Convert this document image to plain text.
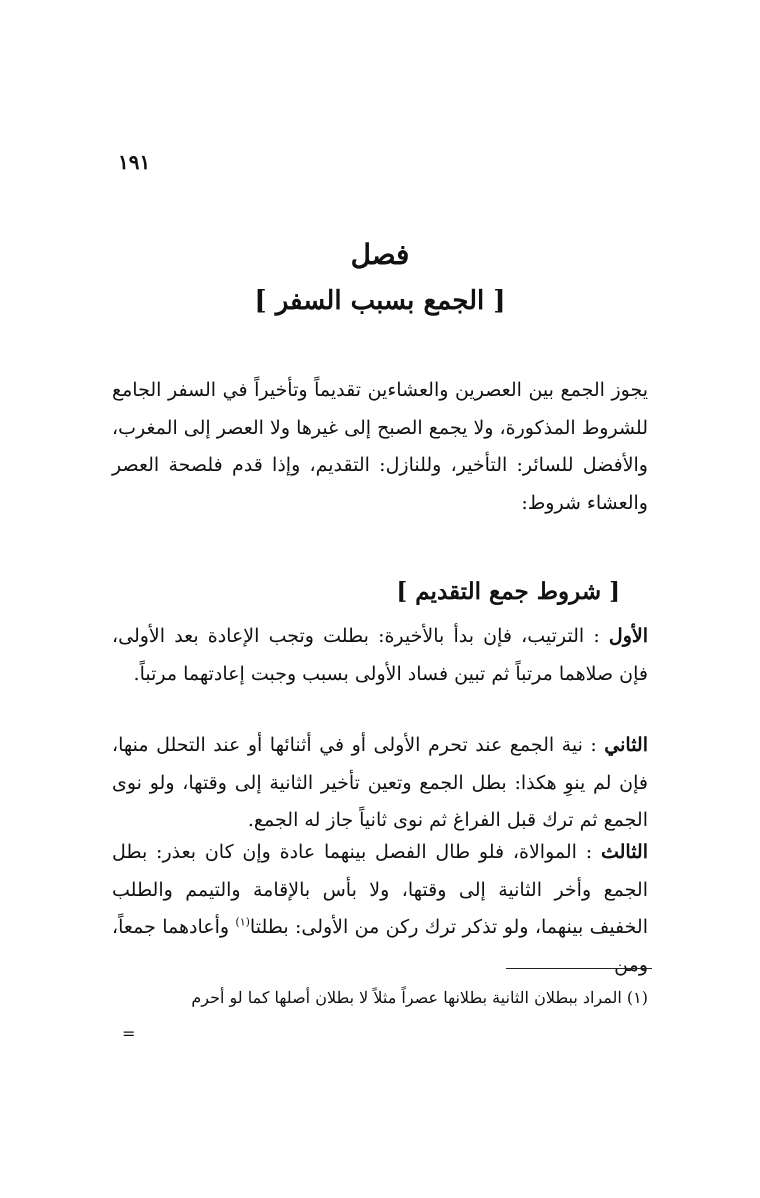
١٩١
فصل
[ الجمع بسبب السفر ]

يجوز الجمع بين العصرين والعشاءين تقديماً وتأخيراً في السفر الجامع للشروط المذكورة، ولا يجمع الصبح إلى غيرها ولا العصر إلى المغرب، والأفضل للسائر: التأخير، وللنازل: التقديم، وإذا قدم فلصحة العصر والعشاء شروط:

[ شروط جمع التقديم ]

الأول : الترتيب، فإن بدأ بالأخيرة: بطلت وتجب الإعادة بعد الأولى، فإن صلاهما مرتباً ثم تبين فساد الأولى بسبب وجبت إعادتهما مرتباً.

الثاني : نية الجمع عند تحرم الأولى أو في أثنائها أو عند التحلل منها، فإن لم ينوِ هكذا: بطل الجمع وتعين تأخير الثانية إلى وقتها، ولو نوى الجمع ثم ترك قبل الفراغ ثم نوى ثانياً جاز له الجمع.

الثالث : الموالاة، فلو طال الفصل بينهما عادة وإن كان بعذر: بطل الجمع وأخر الثانية إلى وقتها، ولا بأس بالإقامة والتيمم والطلب الخفيف بينهما، ولو تذكر ترك ركن من الأولى: بطلتا$^{(١)}$ وأعادهما جمعاً، ومن

(١) المراد ببطلان الثانية بطلانها عصراً مثلاً لا بطلان أصلها كما لو أحرم

=
